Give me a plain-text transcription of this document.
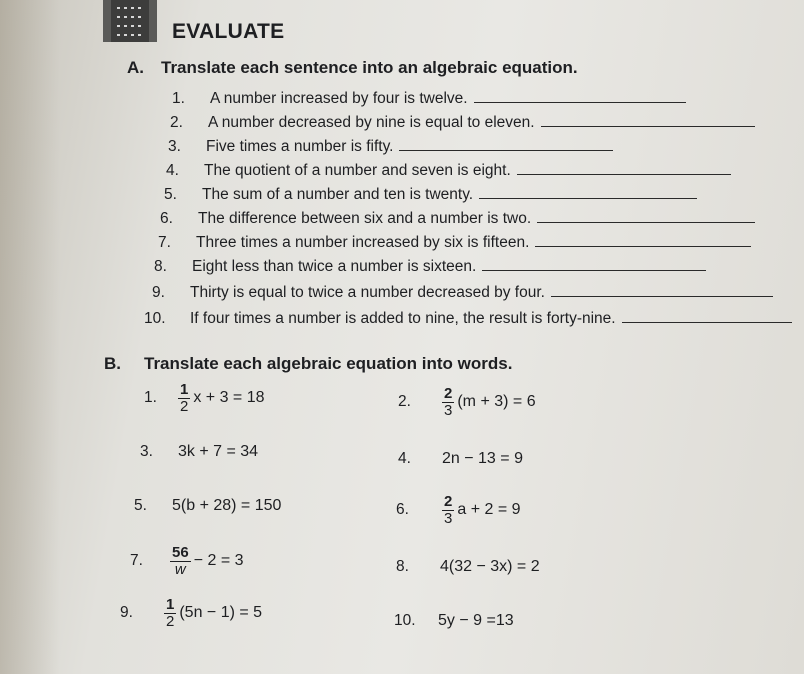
EVALUATE
A. Translate each sentence into an algebraic equation.
1. A number increased by four is twelve.
2. A number decreased by nine is equal to eleven.
3. Five times a number is fifty.
4. The quotient of a number and seven is eight.
5. The sum of a number and ten is twenty.
6. The difference between six and a number is two.
7. Three times a number increased by six is fifteen.
8. Eight less than twice a number is sixteen.
9. Thirty is equal to twice a number decreased by four.
10. If four times a number is added to nine, the result is forty-nine.
B. Translate each algebraic equation into words.
1.	$\frac{1}{2}$ x + 3 = 18	2.	$\frac{2}{3} (m + 3) = 6$
3.	3k + 7 = 34	4.	2n − 13 = 9
5.	5(b + 28) = 150	6.	$\frac{2}{3}$ a + 2 = 9
7.	$\frac{56}{w} - 2 = 3$	8.	4(32 − 3x) = 2
9.	$\frac{1}{2} (5n - 1) = 5$	10.	5y − 9 =13
